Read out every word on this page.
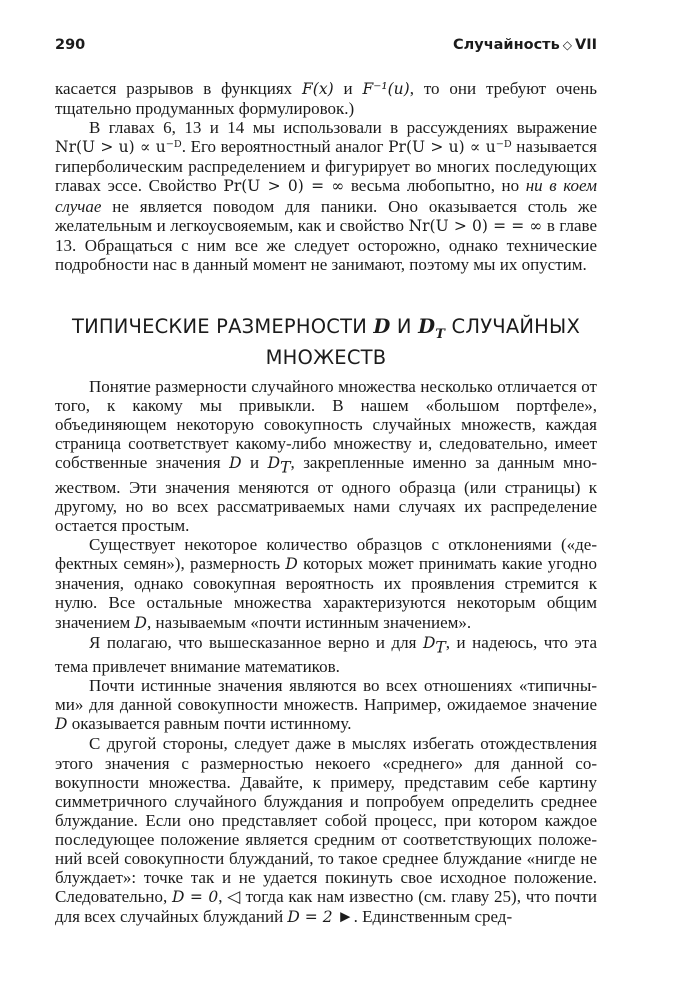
290	Случайность ◇ VII

касается разрывов в функциях F(x) и F⁻¹(u), то они требуют очень тщательно продуманных формулировок.)

В главах 6, 13 и 14 мы использовали в рассуждениях выражение Nr(U > u) ∝ u⁻ᴰ. Его вероятностный аналог Pr(U > u) ∝ u⁻ᴰ называется гиперболическим распределением и фигурирует во многих последующих главах эссе. Свойство Pr(U > 0) = ∞ весьма любопытно, но ни в коем случае не является поводом для паники. Оно оказывается столь же желательным и легкоусвояемым, как и свойство Nr(U > 0) = = ∞ в главе 13. Обращаться с ним все же следует осторожно, однако технические подробности нас в данный момент не занимают, поэтому мы их опустим.

ТИПИЧЕСКИЕ РАЗМЕРНОСТИ D И $D_T$ СЛУЧАЙНЫХ МНОЖЕСТВ

Понятие размерности случайного множества несколько отличается от того, к какому мы привыкли. В нашем «большом портфеле», объединяющем некоторую совокупность случайных множеств, каждая страница соответствует какому-либо множеству и, следовательно, имеет собственные значения D и $D_T$, закрепленные именно за данным множеством. Эти значения меняются от одного образца (или страницы) к другому, но во всех рассматриваемых нами случаях их распределение остается простым.

Существует некоторое количество образцов с отклонениями («дефектных семян»), размерность D которых может принимать какие угодно значения, однако совокупная вероятность их проявления стремится к нулю. Все остальные множества характеризуются некоторым общим значением D, называемым «почти истинным значением».

Я полагаю, что вышесказанное верно и для $D_T$, и надеюсь, что эта тема привлечет внимание математиков.

Почти истинные значения являются во всех отношениях «типичными» для данной совокупности множеств. Например, ожидаемое значение D оказывается равным почти истинному.

С другой стороны, следует даже в мыслях избегать отождествления этого значения с размерностью некоего «среднего» для данной совокупности множества. Давайте, к примеру, представим себе картину симметричного случайного блуждания и попробуем определить среднее блуждание. Если оно представляет собой процесс, при котором каждое последующее положение является средним от соответствующих положений всей совокупности блужданий, то такое среднее блуждание «нигде не блуждает»: точке так и не удается покинуть свое исходное положение. Следовательно, D = 0, ◁ тогда как нам известно (см. главу 25), что почти для всех случайных блужданий D = 2 ►. Единственным сред-
